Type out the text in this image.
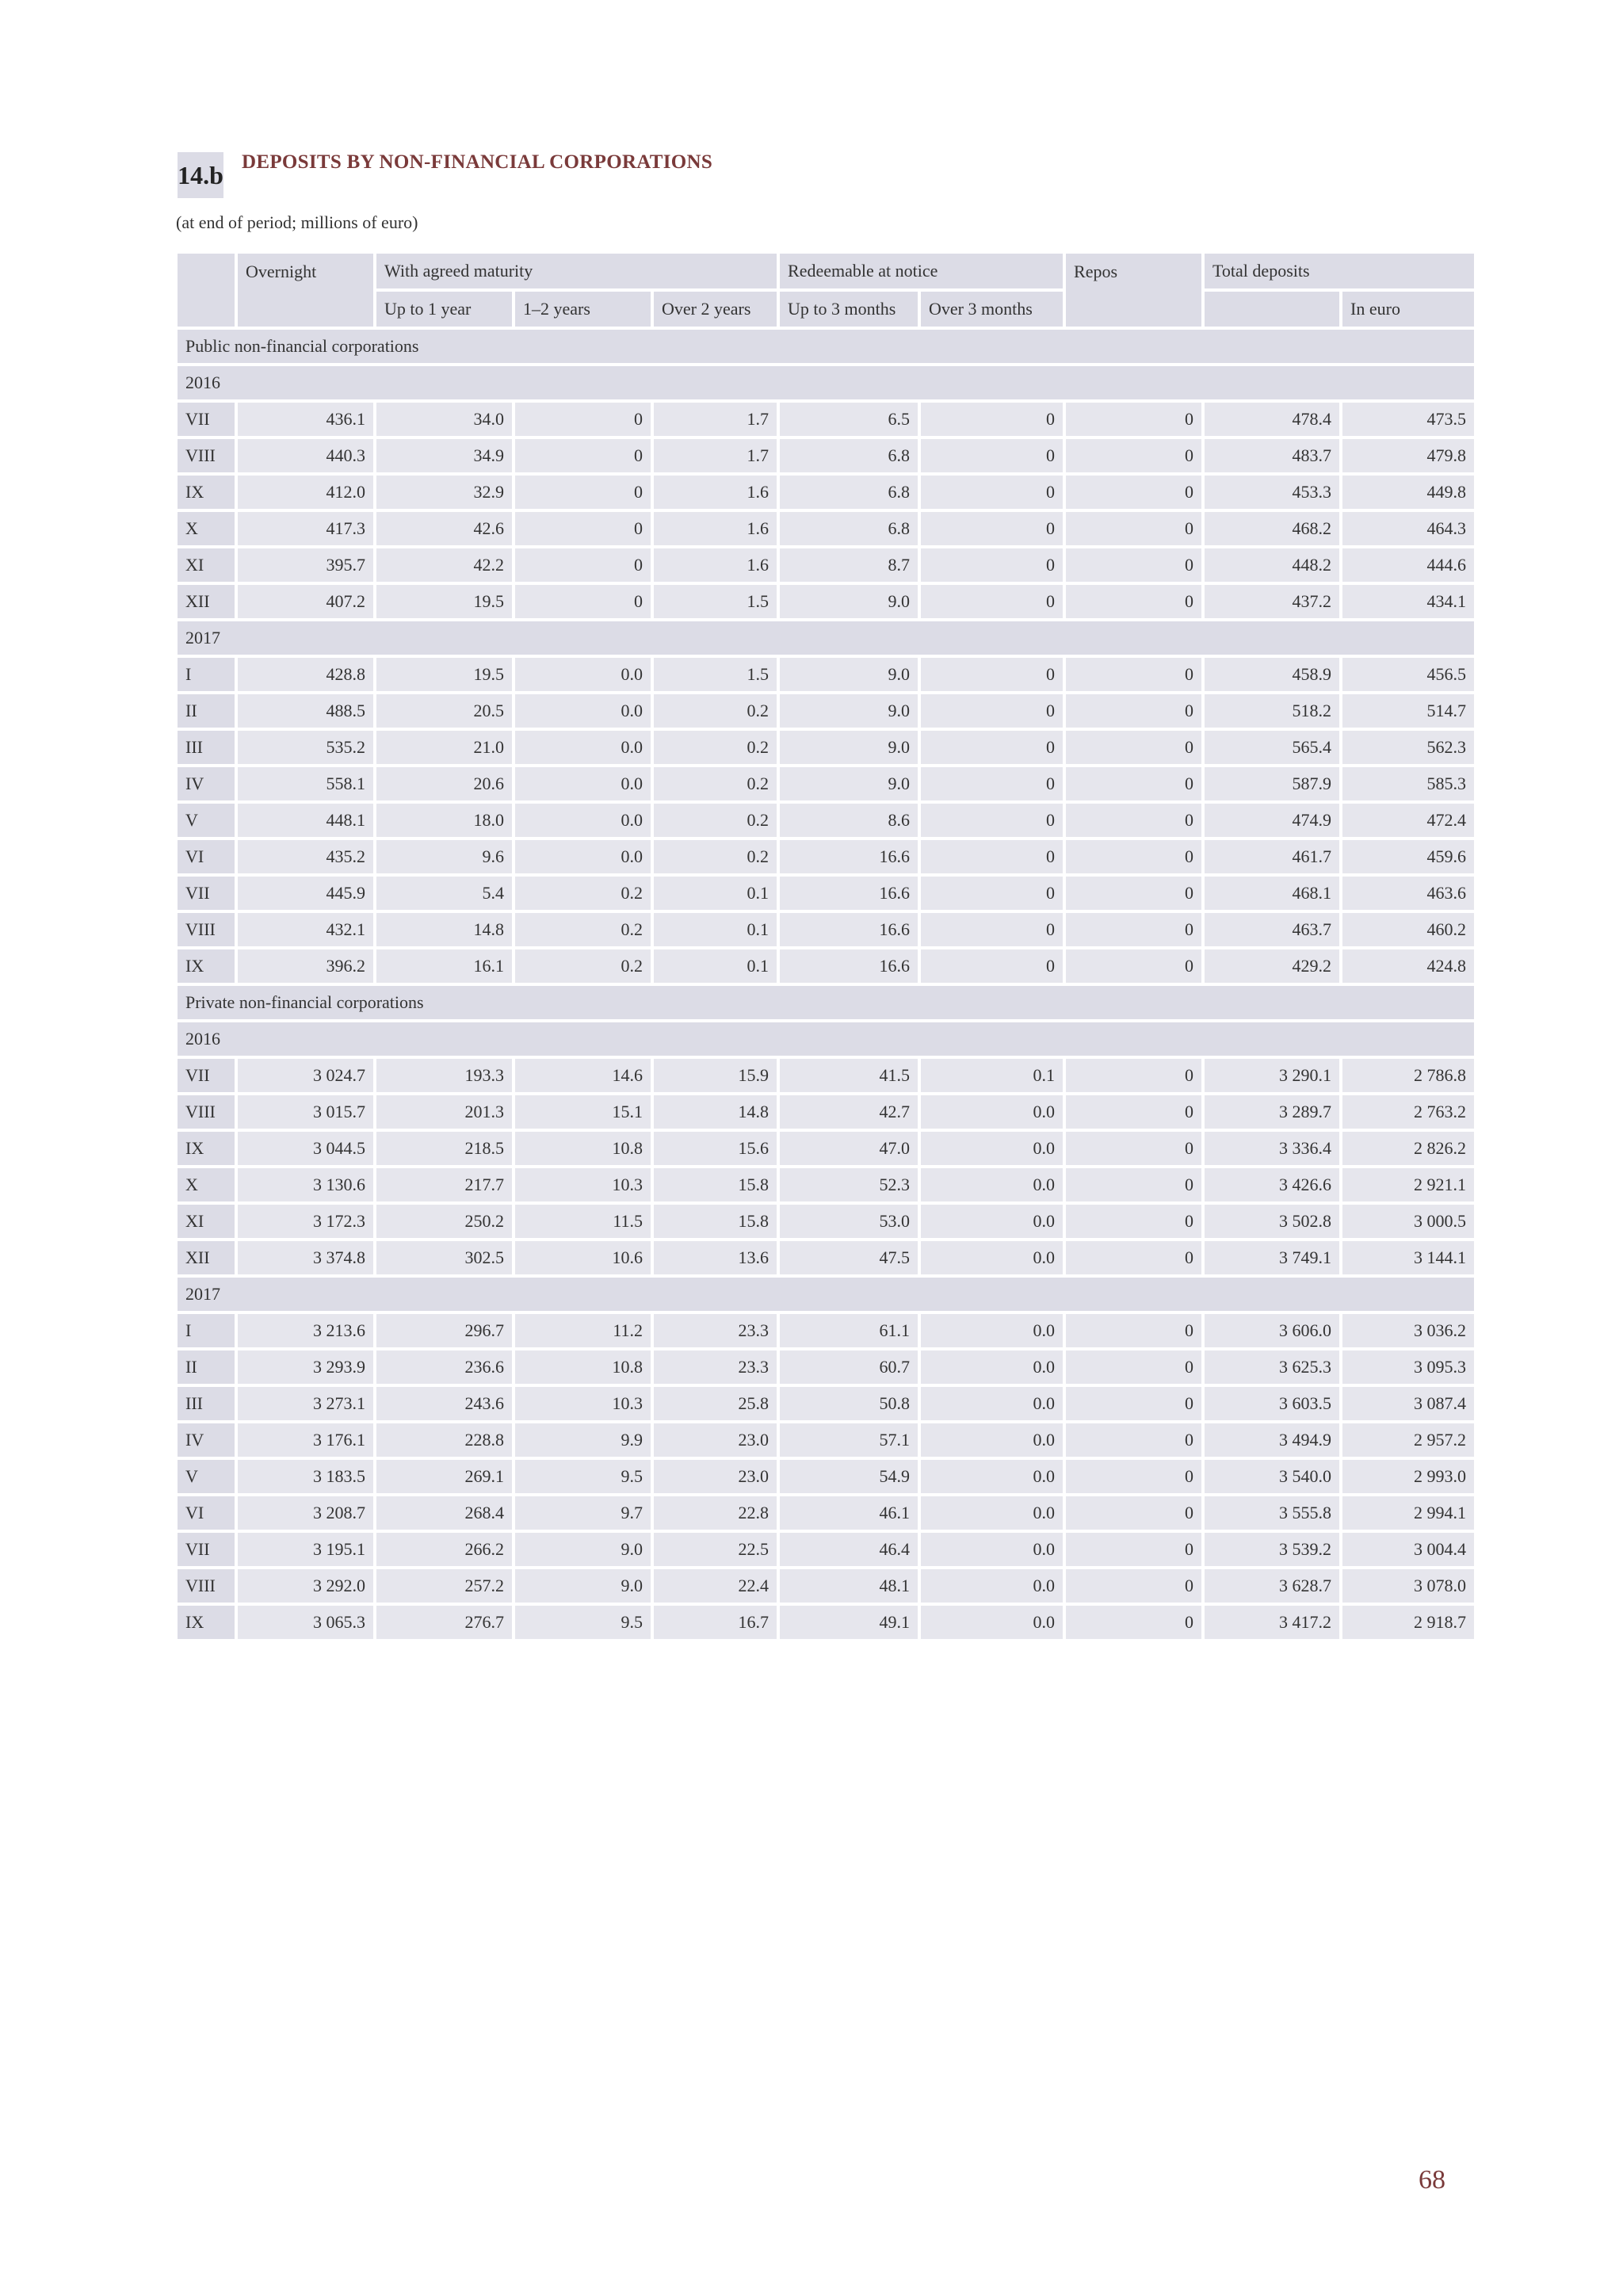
14.b DEPOSITS BY NON-FINANCIAL CORPORATIONS
(at end of period; millions of euro)
	Overnight	With agreed maturity			Redeemable at notice		Repos	Total deposits	
		Up to 1 year	1–2 years	Over 2 years	Up to 3 months	Over 3 months			In euro
Public non-financial corporations									
2016									
VII	436.1	34.0	0	1.7	6.5	0	0	478.4	473.5
VIII	440.3	34.9	0	1.7	6.8	0	0	483.7	479.8
IX	412.0	32.9	0	1.6	6.8	0	0	453.3	449.8
X	417.3	42.6	0	1.6	6.8	0	0	468.2	464.3
XI	395.7	42.2	0	1.6	8.7	0	0	448.2	444.6
XII	407.2	19.5	0	1.5	9.0	0	0	437.2	434.1
2017									
I	428.8	19.5	0.0	1.5	9.0	0	0	458.9	456.5
II	488.5	20.5	0.0	0.2	9.0	0	0	518.2	514.7
III	535.2	21.0	0.0	0.2	9.0	0	0	565.4	562.3
IV	558.1	20.6	0.0	0.2	9.0	0	0	587.9	585.3
V	448.1	18.0	0.0	0.2	8.6	0	0	474.9	472.4
VI	435.2	9.6	0.0	0.2	16.6	0	0	461.7	459.6
VII	445.9	5.4	0.2	0.1	16.6	0	0	468.1	463.6
VIII	432.1	14.8	0.2	0.1	16.6	0	0	463.7	460.2
IX	396.2	16.1	0.2	0.1	16.6	0	0	429.2	424.8
Private non-financial corporations									
2016									
VII	3 024.7	193.3	14.6	15.9	41.5	0.1	0	3 290.1	2 786.8
VIII	3 015.7	201.3	15.1	14.8	42.7	0.0	0	3 289.7	2 763.2
IX	3 044.5	218.5	10.8	15.6	47.0	0.0	0	3 336.4	2 826.2
X	3 130.6	217.7	10.3	15.8	52.3	0.0	0	3 426.6	2 921.1
XI	3 172.3	250.2	11.5	15.8	53.0	0.0	0	3 502.8	3 000.5
XII	3 374.8	302.5	10.6	13.6	47.5	0.0	0	3 749.1	3 144.1
2017									
I	3 213.6	296.7	11.2	23.3	61.1	0.0	0	3 606.0	3 036.2
II	3 293.9	236.6	10.8	23.3	60.7	0.0	0	3 625.3	3 095.3
III	3 273.1	243.6	10.3	25.8	50.8	0.0	0	3 603.5	3 087.4
IV	3 176.1	228.8	9.9	23.0	57.1	0.0	0	3 494.9	2 957.2
V	3 183.5	269.1	9.5	23.0	54.9	0.0	0	3 540.0	2 993.0
VI	3 208.7	268.4	9.7	22.8	46.1	0.0	0	3 555.8	2 994.1
VII	3 195.1	266.2	9.0	22.5	46.4	0.0	0	3 539.2	3 004.4
VIII	3 292.0	257.2	9.0	22.4	48.1	0.0	0	3 628.7	3 078.0
IX	3 065.3	276.7	9.5	16.7	49.1	0.0	0	3 417.2	2 918.7
68
